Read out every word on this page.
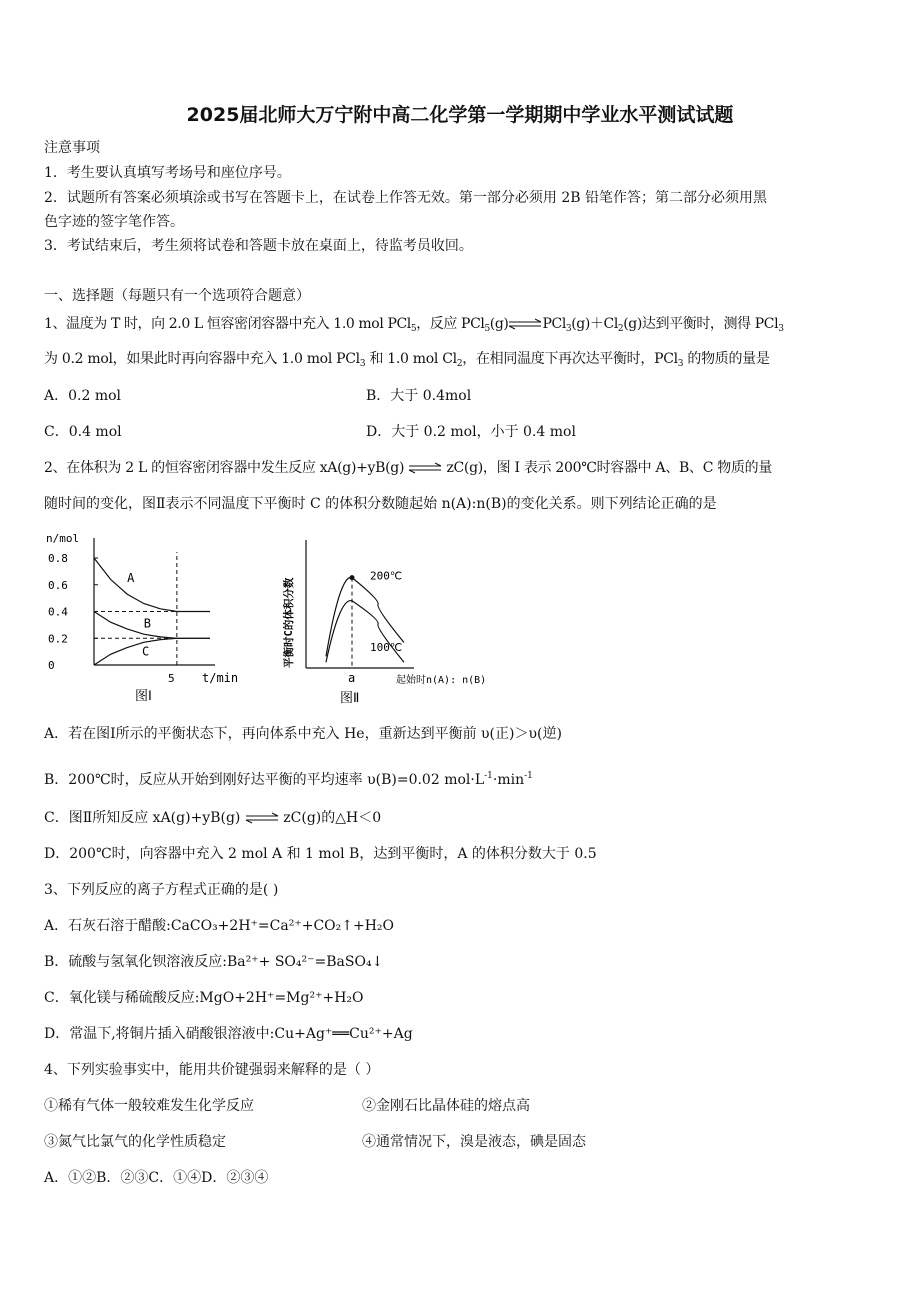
2025届北师大万宁附中高二化学第一学期期中学业水平测试试题
注意事项
1．考生要认真填写考场号和座位序号。
2．试题所有答案必须填涂或书写在答题卡上，在试卷上作答无效。第一部分必须用 2B 铅笔作答；第二部分必须用黑
色字迹的签字笔作答。
3．考试结束后，考生须将试卷和答题卡放在桌面上，待监考员收回。
一、选择题（每题只有一个选项符合题意）
1、温度为 T 时，向 2.0 L 恒容密闭容器中充入 1.0 mol PCl$_5$，反应 $PCl_5(g)\rightleftharpoons PCl_3(g)+Cl_2(g)$达到平衡时，测得 PCl$_3$
为 0.2 mol，如果此时再向容器中充入 1.0 mol PCl$_3$ 和 1.0 mol $Cl_2$，在相同温度下再次达平衡时，PCl$_3$ 的物质的量是
A．0.2 mol	B．大于 0.4mol
C．0.4 mol	D．大于 0.2 mol，小于 0.4 mol
2、在体积为 2 L 的恒容密闭容器中发生反应 xA(g)+yB(g) ⇌ zC(g)，图 I 表示 200℃时容器中 A、B、C 物质的量
随时间的变化，图Ⅱ表示不同温度下平衡时 C 的体积分数随起始 n(A):n(B)的变化关系。则下列结论正确的是
n/mol
0.8
0.6
0.4
0.2
0
A
B
C
5 t/min
图Ⅰ
平衡时C的体积分数
200℃
100℃
a	起始时n(A): n(B)
图Ⅱ
A．若在图Ⅰ所示的平衡状态下，再向体系中充入 He，重新达到平衡前 υ(正)＞υ(逆)
B．200℃时，反应从开始到刚好达平衡的平均速率 υ(B)=0.02 $mol\cdot L^{-1}\cdot\min^{-1}$
C．图Ⅱ所知反应 xA(g)+yB(g) ⇌ zC(g)的△H＜0
D．200℃时，向容器中充入 2 mol A 和 1 mol B，达到平衡时，A 的体积分数大于 0.5
3、下列反应的离子方程式正确的是( )
A．石灰石溶于醋酸:CaCO₃+2H⁺=Ca²⁺+CO₂↑+H₂O
B．硫酸与氢氧化钡溶液反应:Ba²⁺+ SO₄²⁻=BaSO₄↓
C．氧化镁与稀硫酸反应:MgO+2H⁺=Mg²⁺+H₂O
D．常温下,将铜片插入硝酸银溶液中:Cu+Ag⁺══Cu²⁺+Ag
4、下列实验事实中，能用共价键强弱来解释的是（ ）
①稀有气体一般较难发生化学反应	②金刚石比晶体硅的熔点高
③氮气比氯气的化学性质稳定	④通常情况下，溴是液态，碘是固态
A．①②B．②③C．①④D．②③④
